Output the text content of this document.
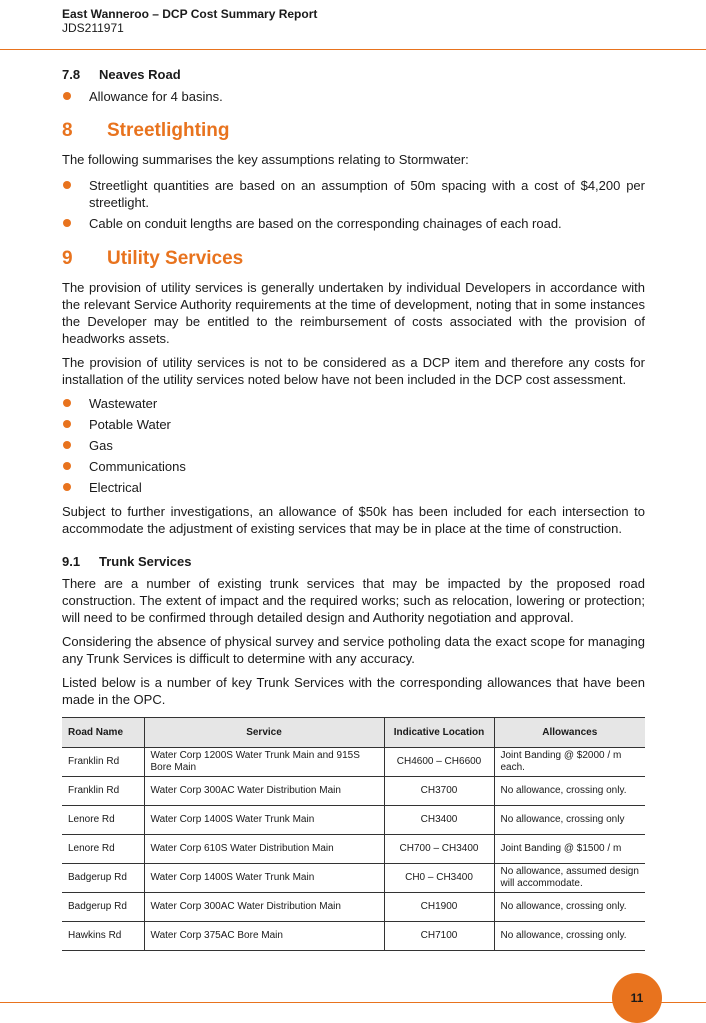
East Wanneroo – DCP Cost Summary Report
JDS211971
7.8	Neaves Road
Allowance for 4 basins.
8	Streetlighting

The following summarises the key assumptions relating to Stormwater:

Streetlight quantities are based on an assumption of 50m spacing with a cost of $4,200 per streetlight.
Cable on conduit lengths are based on the corresponding chainages of each road.
9	Utility Services

The provision of utility services is generally undertaken by individual Developers in accordance with the relevant Service Authority requirements at the time of development, noting that in some instances the Developer may be entitled to the reimbursement of costs associated with the provision of headworks assets.

The provision of utility services is not to be considered as a DCP item and therefore any costs for installation of the utility services noted below have not been included in the DCP cost assessment.

Wastewater
Potable Water
Gas
Communications
Electrical

Subject to further investigations, an allowance of $50k has been included for each intersection to accommodate the adjustment of existing services that may be in place at the time of construction.

9.1	Trunk Services

There are a number of existing trunk services that may be impacted by the proposed road construction. The extent of impact and the required works; such as relocation, lowering or protection; will need to be confirmed through detailed design and Authority negotiation and approval.

Considering the absence of physical survey and service potholing data the exact scope for managing any Trunk Services is difficult to determine with any accuracy.

Listed below is a number of key Trunk Services with the corresponding allowances that have been made in the OPC.

Road Name	Service	Indicative Location	Allowances
Franklin Rd	Water Corp 1200S Water Trunk Main and 915S Bore Main	CH4600 – CH6600	Joint Banding @ $2000 / m each.
Franklin Rd	Water Corp 300AC Water Distribution Main	CH3700	No allowance, crossing only.
Lenore Rd	Water Corp 1400S Water Trunk Main	CH3400	No allowance, crossing only
Lenore Rd	Water Corp 610S Water Distribution Main	CH700 – CH3400	Joint Banding @ $1500 / m
Badgerup Rd	Water Corp 1400S Water Trunk Main	CH0 – CH3400	No allowance, assumed design will accommodate.
Badgerup Rd	Water Corp 300AC Water Distribution Main	CH1900	No allowance, crossing only.
Hawkins Rd	Water Corp 375AC Bore Main	CH7100	No allowance, crossing only.
11
